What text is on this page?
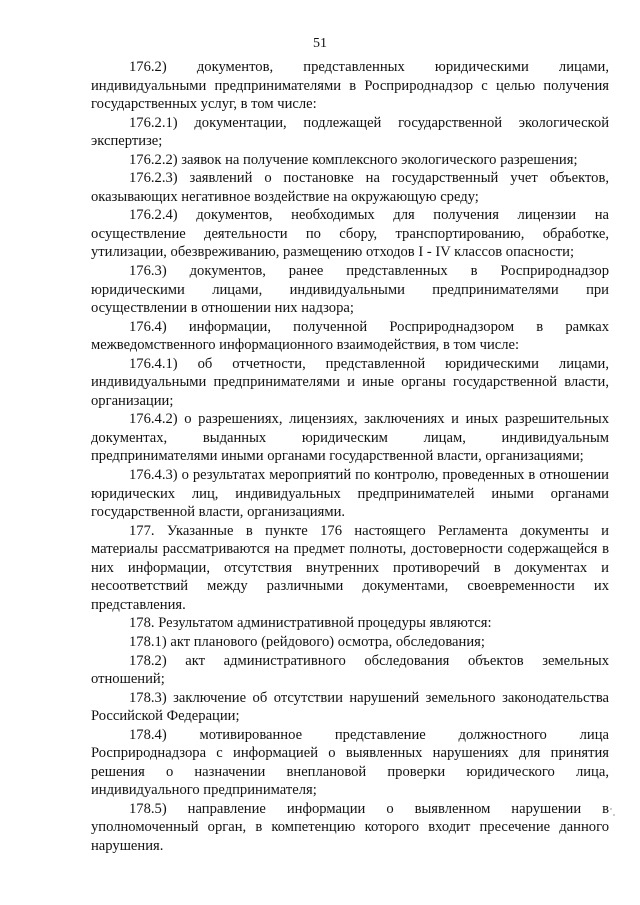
51

176.2) документов, представленных юридическими лицами, индивидуальными предпринимателями в Росприроднадзор с целью получения государственных услуг, в том числе:

176.2.1) документации, подлежащей государственной экологической экспертизе;

176.2.2) заявок на получение комплексного экологического разрешения;

176.2.3) заявлений о постановке на государственный учет объектов, оказывающих негативное воздействие на окружающую среду;

176.2.4) документов, необходимых для получения лицензии на осуществление деятельности по сбору, транспортированию, обработке, утилизации, обезвреживанию, размещению отходов I - IV классов опасности;

176.3) документов, ранее представленных в Росприроднадзор юридическими лицами, индивидуальными предпринимателями при осуществлении в отношении них надзора;

176.4) информации, полученной Росприроднадзором в рамках межведомственного информационного взаимодействия, в том числе:

176.4.1) об отчетности, представленной юридическими лицами, индивидуальными предпринимателями и иные органы государственной власти, организации;

176.4.2) о разрешениях, лицензиях, заключениях и иных разрешительных документах, выданных юридическим лицам, индивидуальным предпринимателями иными органами государственной власти, организациями;

176.4.3) о результатах мероприятий по контролю, проведенных в отношении юридических лиц, индивидуальных предпринимателей иными органами государственной власти, организациями.

177. Указанные в пункте 176 настоящего Регламента документы и материалы рассматриваются на предмет полноты, достоверности содержащейся в них информации, отсутствия внутренних противоречий в документах и несоответствий между различными документами, своевременности их представления.

178. Результатом административной процедуры являются:

178.1) акт планового (рейдового) осмотра, обследования;

178.2) акт административного обследования объектов земельных отношений;

178.3) заключение об отсутствии нарушений земельного законодательства Российской Федерации;

178.4) мотивированное представление должностного лица Росприроднадзора с информацией о выявленных нарушениях для принятия решения о назначении внеплановой проверки юридического лица, индивидуального предпринимателя;

178.5) направление информации о выявленном нарушении в уполномоченный орган, в компетенцию которого входит пресечение данного нарушения.
